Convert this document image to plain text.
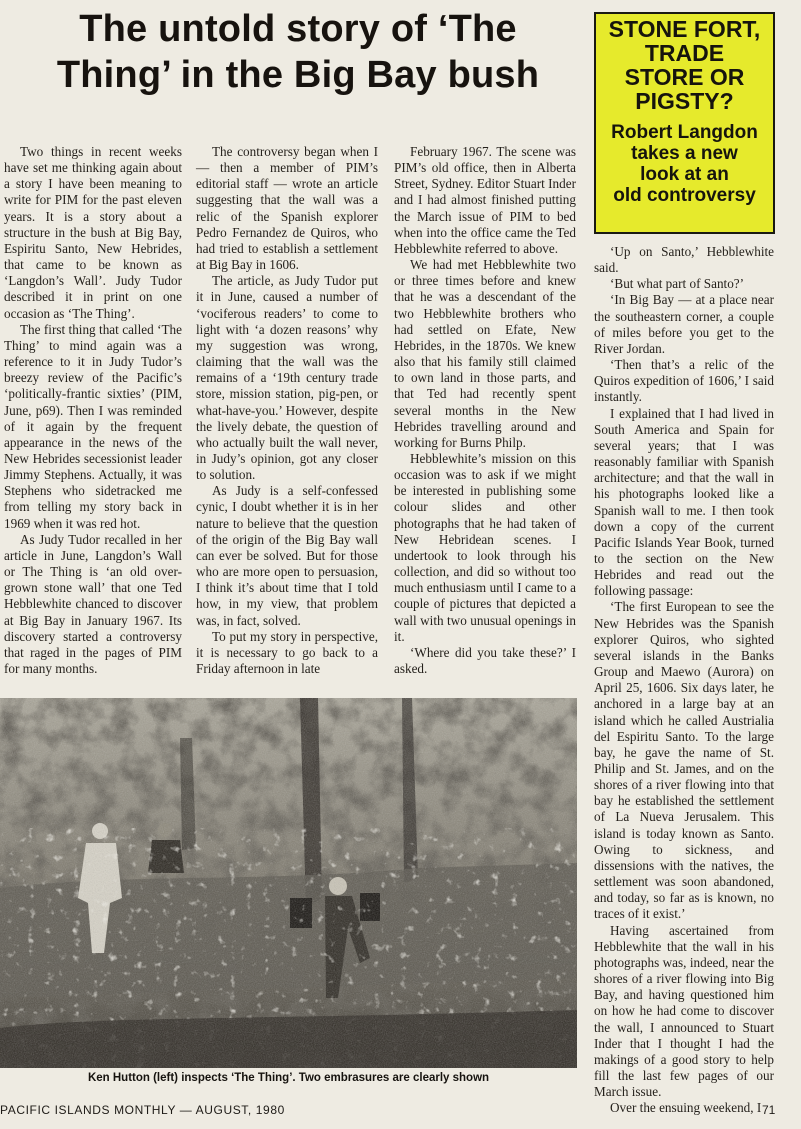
The untold story of ‘The
Thing’ in the Big Bay bush
STONE FORT,
TRADE
STORE OR
PIGSTY?
Robert Langdon
takes a new
look at an
old controversy

Two things in recent weeks have set me thinking again about a story I have been meaning to write for PIM for the past eleven years. It is a story about a structure in the bush at Big Bay, Espiritu Santo, New Hebrides, that came to be known as ‘Langdon’s Wall’. Judy Tudor described it in print on one occasion as ‘The Thing’.

The first thing that called ‘The Thing’ to mind again was a reference to it in Judy Tudor’s breezy review of the Pacific’s ‘politically-frantic sixties’ (PIM, June, p69). Then I was reminded of it again by the frequent appearance in the news of the New Hebrides secessionist leader Jimmy Stephens. Actually, it was Stephens who sidetracked me from telling my story back in 1969 when it was red hot.

As Judy Tudor recalled in her article in June, Langdon’s Wall or The Thing is ‘an old over-grown stone wall’ that one Ted Hebblewhite chanced to discover at Big Bay in January 1967. Its discovery started a controversy that raged in the pages of PIM for many months.

The controversy began when I — then a member of PIM’s editorial staff — wrote an article suggesting that the wall was a relic of the Spanish explorer Pedro Fernandez de Quiros, who had tried to establish a settlement at Big Bay in 1606.

The article, as Judy Tudor put it in June, caused a number of ‘vociferous readers’ to come to light with ‘a dozen reasons’ why my suggestion was wrong, claiming that the wall was the remains of a ‘19th century trade store, mission station, pig-pen, or what-have-you.’ However, despite the lively debate, the question of who actually built the wall never, in Judy’s opinion, got any closer to solution.

As Judy is a self-confessed cynic, I doubt whether it is in her nature to believe that the question of the origin of the Big Bay wall can ever be solved. But for those who are more open to persuasion, I think it’s about time that I told how, in my view, that problem was, in fact, solved.

To put my story in perspective, it is necessary to go back to a Friday afternoon in late

February 1967. The scene was PIM’s old office, then in Alberta Street, Sydney. Editor Stuart Inder and I had almost finished putting the March issue of PIM to bed when into the office came the Ted Hebblewhite referred to above.

We had met Hebblewhite two or three times before and knew that he was a descendant of the two Hebblewhite brothers who had settled on Efate, New Hebrides, in the 1870s. We knew also that his family still claimed to own land in those parts, and that Ted had recently spent several months in the New Hebrides travelling around and working for Burns Philp.

Hebblewhite’s mission on this occasion was to ask if we might be interested in publishing some colour slides and other photographs that he had taken of New Hebridean scenes. I undertook to look through his collection, and did so without too much enthusiasm until I came to a couple of pictures that depicted a wall with two unusual openings in it.

‘Where did you take these?’ I asked.

‘Up on Santo,’ Hebblewhite said.

‘But what part of Santo?’

‘In Big Bay — at a place near the southeastern corner, a couple of miles before you get to the River Jordan.

‘Then that’s a relic of the Quiros expedition of 1606,’ I said instantly.

I explained that I had lived in South America and Spain for several years; that I was reasonably familiar with Spanish architecture; and that the wall in his photographs looked like a Spanish wall to me. I then took down a copy of the current Pacific Islands Year Book, turned to the section on the New Hebrides and read out the following passage:

‘The first European to see the New Hebrides was the Spanish explorer Quiros, who sighted several islands in the Banks Group and Maewo (Aurora) on April 25, 1606. Six days later, he anchored in a large bay at an island which he called Austrialia del Espiritu Santo. To the large bay, he gave the name of St. Philip and St. James, and on the shores of a river flowing into that bay he established the settlement of La Nueva Jerusalem. This island is today known as Santo. Owing to sickness, and dissensions with the natives, the settlement was soon abandoned, and today, so far as is known, no traces of it exist.’

Having ascertained from Hebblewhite that the wall in his photographs was, indeed, near the shores of a river flowing into Big Bay, and having questioned him on how he had come to discover the wall, I announced to Stuart Inder that I thought I had the makings of a good story to help fill the last few pages of our March issue.

Over the ensuing weekend, I

Ken Hutton (left) inspects ‘The Thing’. Two embrasures are clearly shown
PACIFIC ISLANDS MONTHLY — AUGUST, 1980	71
